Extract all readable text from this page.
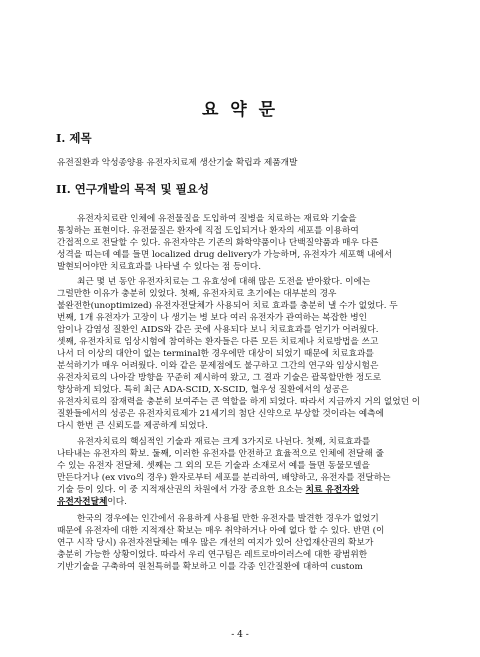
요 약 문
I. 제목
유전질환과 악성종양용 유전자치료제 생산기술 확립과 제품개발
II. 연구개발의 목적 및 필요성
유전자치료란 인체에 유전물질을 도입하여 질병을 치료하는 재료와 기술을
통칭하는 표현이다. 유전물질은 환자에 직접 도입되거나 환자의 세포를 이용하여
간접적으로 전달할 수 있다. 유전자약은 기존의 화학약품이나 단백질약품과 매우 다른
성격을 띠는데 예를 들면 localized drug delivery가 가능하며, 유전자가 세포핵 내에서
발현되어야만 치료효과를 나타낼 수 있다는 점 등이다.
최근 몇 년 동안 유전자치료는 그 유효성에 대해 많은 도전을 받아왔다. 이에는
그럴만한 이유가 충분히 있었다. 첫째, 유전자치료 초기에는 대부분의 경우
불완전한(unoptimized) 유전자전달체가 사용되어 치료 효과를 충분히 낼 수가 없었다. 두
번째, 1개 유전자가 고장이 나 생기는 병 보다 여러 유전자가 관여하는 복잡한 병인
암이나 감염성 질환인 AIDS와 같은 곳에 사용되다 보니 치료효과를 얻기가 어려웠다.
셋째, 유전자치료 임상시험에 참여하는 환자들은 다른 모든 치료제나 치료방법을 쓰고
나서 더 이상의 대안이 없는 terminal한 경우에만 대상이 되었기 때문에 치료효과를
분석하기가 매우 어려웠다. 이와 같은 문제점에도 불구하고 그간의 연구와 임상시험은
유전자치료의 나아갈 방향을 꾸준히 제시하여 왔고, 그 결과 기술은 괄목할만한 정도로
향상하게 되었다. 특히 최근 ADA-SCID, X-SCID, 혈우성 질환에서의 성공은
유전자치료의 잠재력을 충분히 보여주는 큰 역할을 하게 되었다. 따라서 지금까지 거의 없었던 이
질환들에서의 성공은 유전자치료제가 21세기의 첨단 신약으로 부상할 것이라는 예측에
다시 한번 큰 신뢰도를 제공하게 되었다.
유전자치료의 핵심적인 기술과 재료는 크게 3가지로 나뉜다. 첫째, 치료효과를
나타내는 유전자의 확보. 둘째, 이러한 유전자를 안전하고 효율적으로 인체에 전달해 줄
수 있는 유전자 전달체. 셋째는 그 외의 모든 기술과 소재로서 예를 들면 동물모델을
만든다거나 (ex vivo의 경우) 환자로부터 세포를 분리하여, 배양하고, 유전자를 전달하는
기술 등이 있다. 이 중 지적재산권의 차원에서 가장 중요한 요소는 치료 유전자와
유전자전달체이다.
한국의 경우에는 인간에서 유용하게 사용될 만한 유전자를 발견한 경우가 없었기
때문에 유전자에 대한 지적재산 확보는 매우 취약하거나 아예 없다 할 수 있다. 반면 (이
연구 시작 당시) 유전자전달체는 매우 많은 개선의 여지가 있어 산업재산권의 확보가
충분히 가능한 상황이었다. 따라서 우리 연구팀은 레트로바이러스에 대한 광범위한
기반기술을 구축하여 원천특허를 확보하고 이를 각종 인간질환에 대하여 custom
- 4 -
